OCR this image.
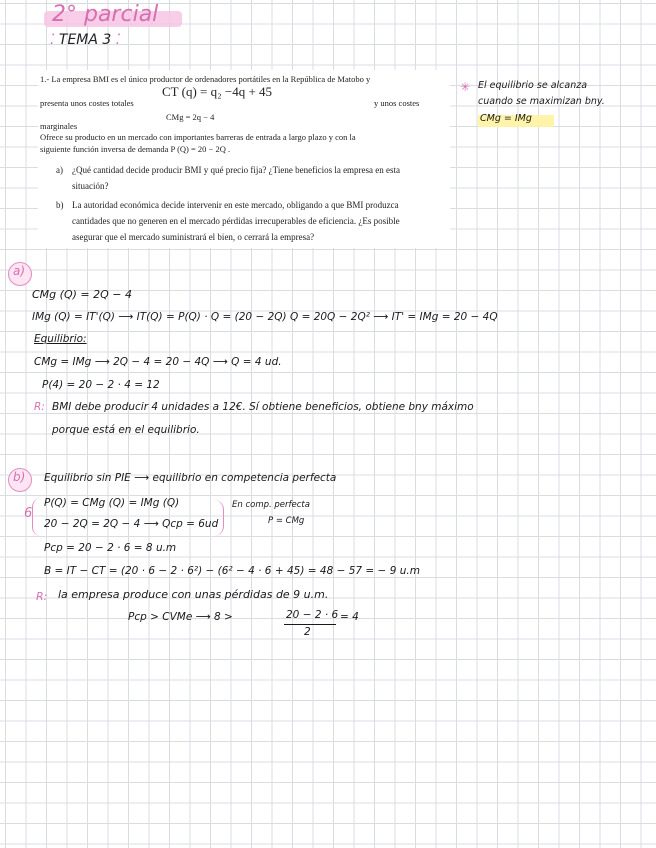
2° parcial
⁚ TEMA 3 ⁚
1.- La empresa BMI es el único productor de ordenadores portátiles en la República de Matobo y
presenta unos costes totales
CT (q) = q₂ −4q + 45
y unos costes
marginales
CMg = 2q − 4
Ofrece su producto en un mercado con importantes barreras de entrada a largo plazo y con la
siguiente función inversa de demanda P (Q) = 20 − 2Q .
a) ¿Qué cantidad decide producir BMI y qué precio fija? ¿Tiene beneficios la empresa en esta
situación?
b) La autoridad económica decide intervenir en este mercado, obligando a que BMI produzca
cantidades que no generen en el mercado pérdidas irrecuperables de eficiencia. ¿Es posible
asegurar que el mercado suministrará el bien, o cerrará la empresa?
✳ El equilibrio se alcanza
cuando se maximizan bny.
CMg = IMg
a)
CMg (Q) = 2Q − 4
IMg (Q) = IT'(Q) ⟶ IT(Q) = P(Q) · Q = (20 − 2Q) Q = 20Q − 2Q² ⟶ IT' = IMg = 20 − 4Q
Equilibrio:
CMg = IMg ⟶ 2Q − 4 = 20 − 4Q ⟶ Q = 4 ud.
P(4) = 20 − 2 · 4 = 12
R: BMI debe producir 4 unidades a 12€. Sí obtiene beneficios, obtiene bny máximo
porque está en el equilibrio.
b) Equilibrio sin PIE ⟶ equilibrio en competencia perfecta
6
P(Q) = CMg (Q) = IMg (Q)
20 − 2Q = 2Q − 4 ⟶ Qcp = 6ud
En comp. perfecta
P = CMg
Pcp = 20 − 2 · 6 = 8 u.m
B = IT − CT = (20 · 6 − 2 · 6²) − (6² − 4 · 6 + 45) = 48 − 57 = − 9 u.m
R: la empresa produce con unas pérdidas de 9 u.m.
Pcp > CVMe ⟶ 8 >	20 − 2 · 6 = 4
2
